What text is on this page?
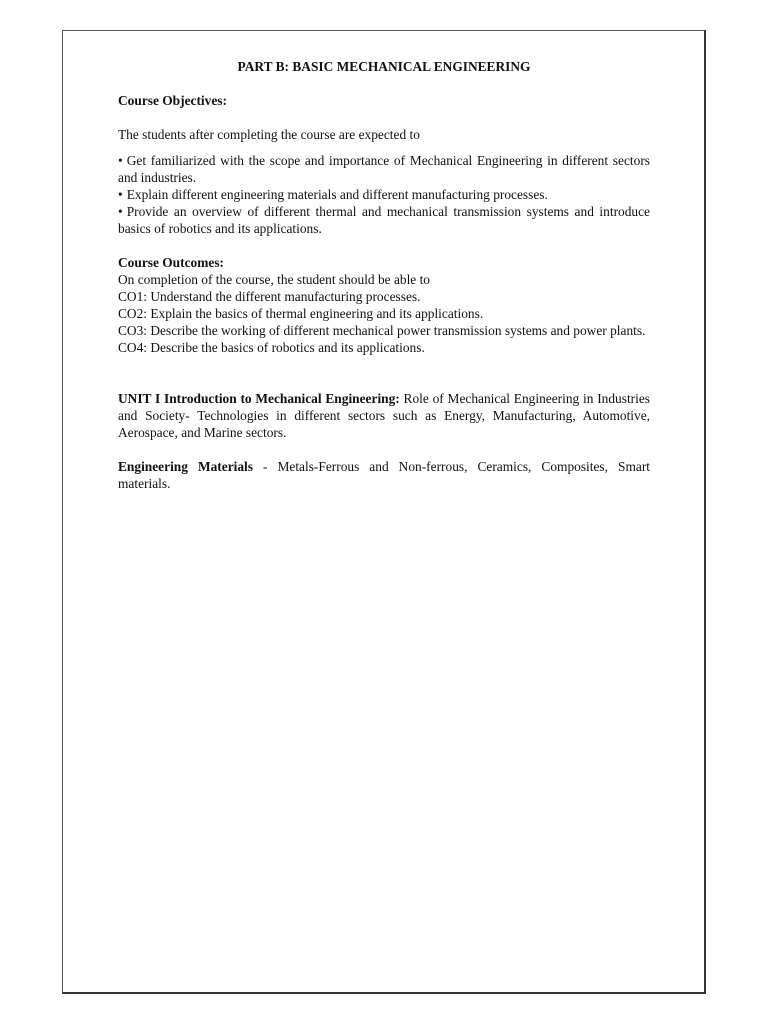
PART B: BASIC MECHANICAL ENGINEERING

Course Objectives:

The students after completing the course are expected to

• Get familiarized with the scope and importance of Mechanical Engineering in different sectors and industries.

• Explain different engineering materials and different manufacturing processes.

• Provide an overview of different thermal and mechanical transmission systems and introduce basics of robotics and its applications.

Course Outcomes:

On completion of the course, the student should be able to

CO1: Understand the different manufacturing processes.

CO2: Explain the basics of thermal engineering and its applications.

CO3: Describe the working of different mechanical power transmission systems and power plants.

CO4: Describe the basics of robotics and its applications.

UNIT I Introduction to Mechanical Engineering: Role of Mechanical Engineering in Industries and Society- Technologies in different sectors such as Energy, Manufacturing, Automotive, Aerospace, and Marine sectors.

Engineering Materials - Metals-Ferrous and Non-ferrous, Ceramics, Composites, Smart materials.
